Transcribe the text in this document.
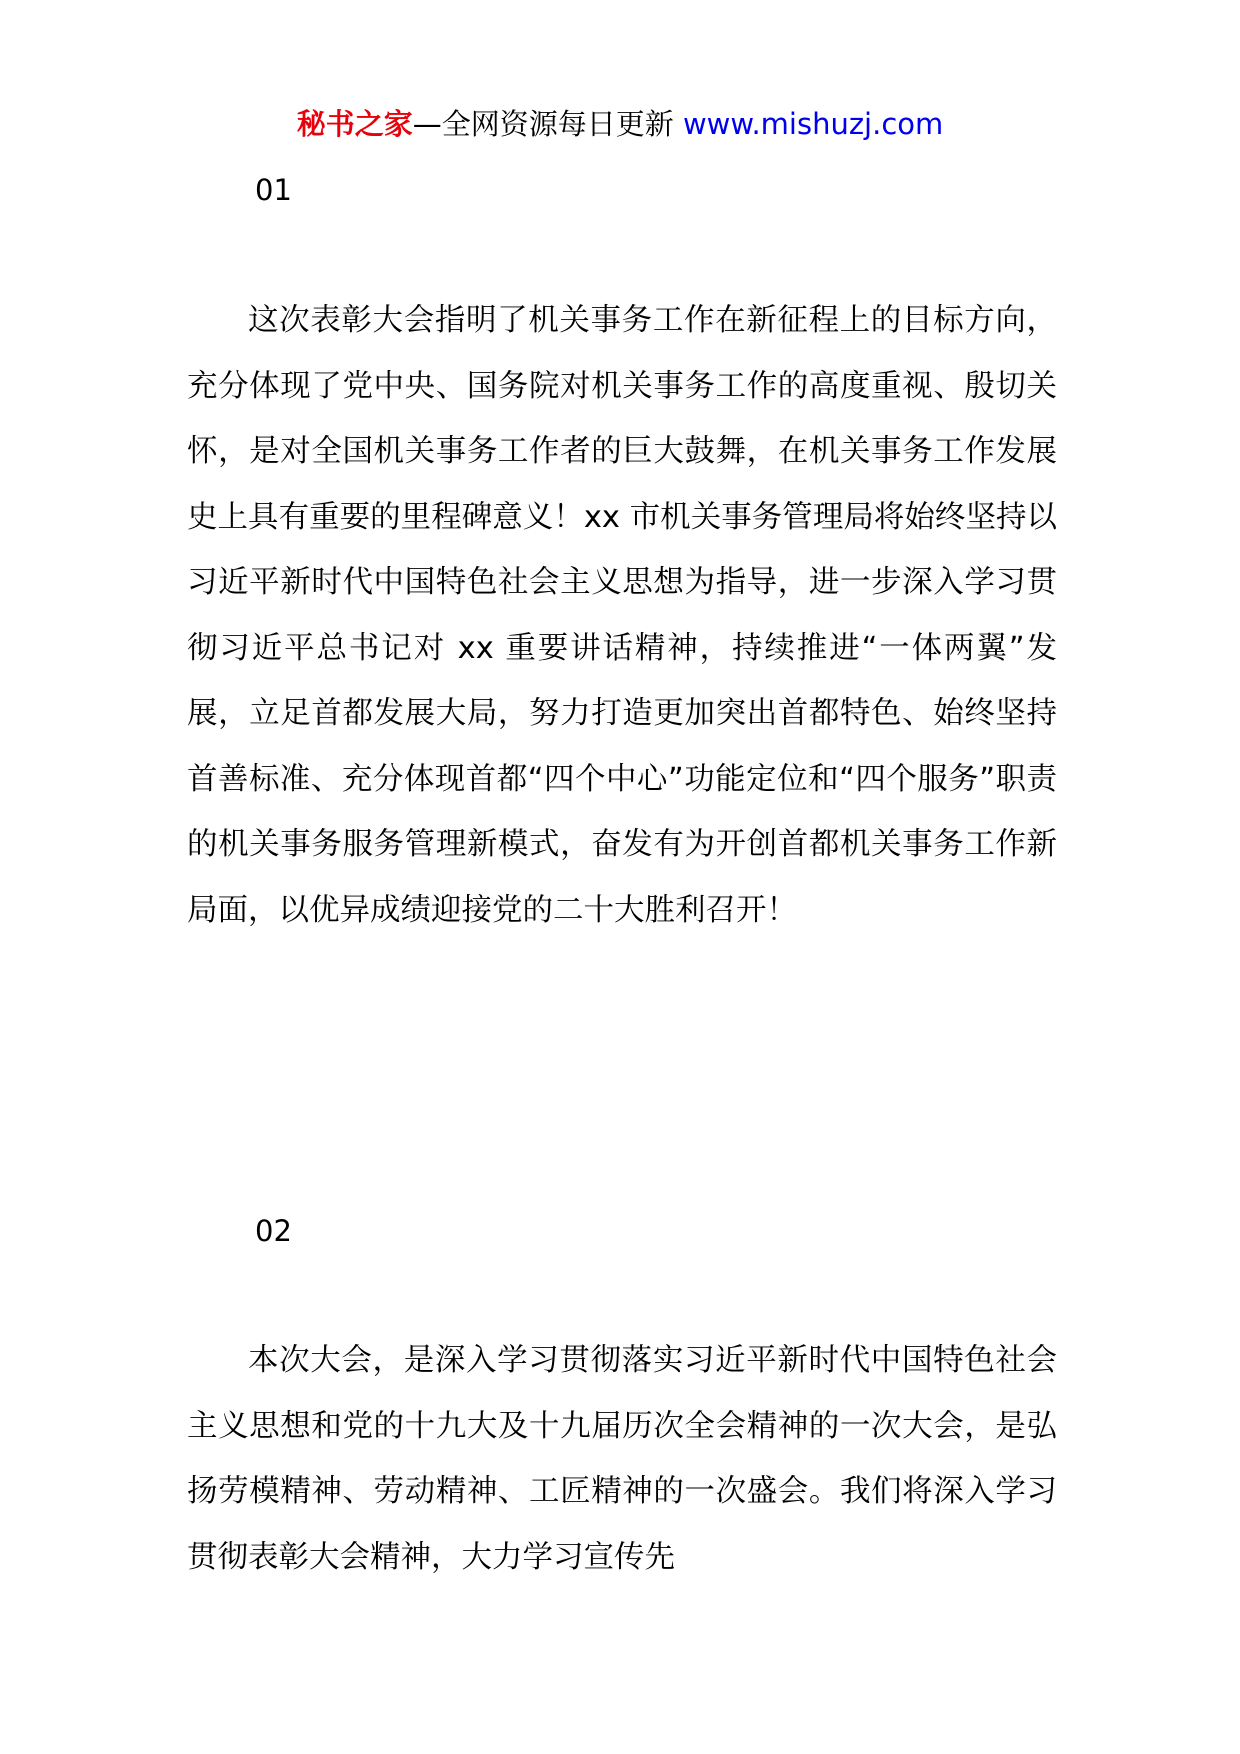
秘书之家—全网资源每日更新 www.mishuzj.com
01

这次表彰大会指明了机关事务工作在新征程上的目标方向，充分体现了党中央、国务院对机关事务工作的高度重视、殷切关怀，是对全国机关事务工作者的巨大鼓舞，在机关事务工作发展史上具有重要的里程碑意义！xx 市机关事务管理局将始终坚持以习近平新时代中国特色社会主义思想为指导，进一步深入学习贯彻习近平总书记对 xx 重要讲话精神，持续推进“一体两翼”发展，立足首都发展大局，努力打造更加突出首都特色、始终坚持首善标准、充分体现首都“四个中心”功能定位和“四个服务”职责的机关事务服务管理新模式，奋发有为开创首都机关事务工作新局面，以优异成绩迎接党的二十大胜利召开！

02

本次大会，是深入学习贯彻落实习近平新时代中国特色社会主义思想和党的十九大及十九届历次全会精神的一次大会，是弘扬劳模精神、劳动精神、工匠精神的一次盛会。我们将深入学习贯彻表彰大会精神，大力学习宣传先
